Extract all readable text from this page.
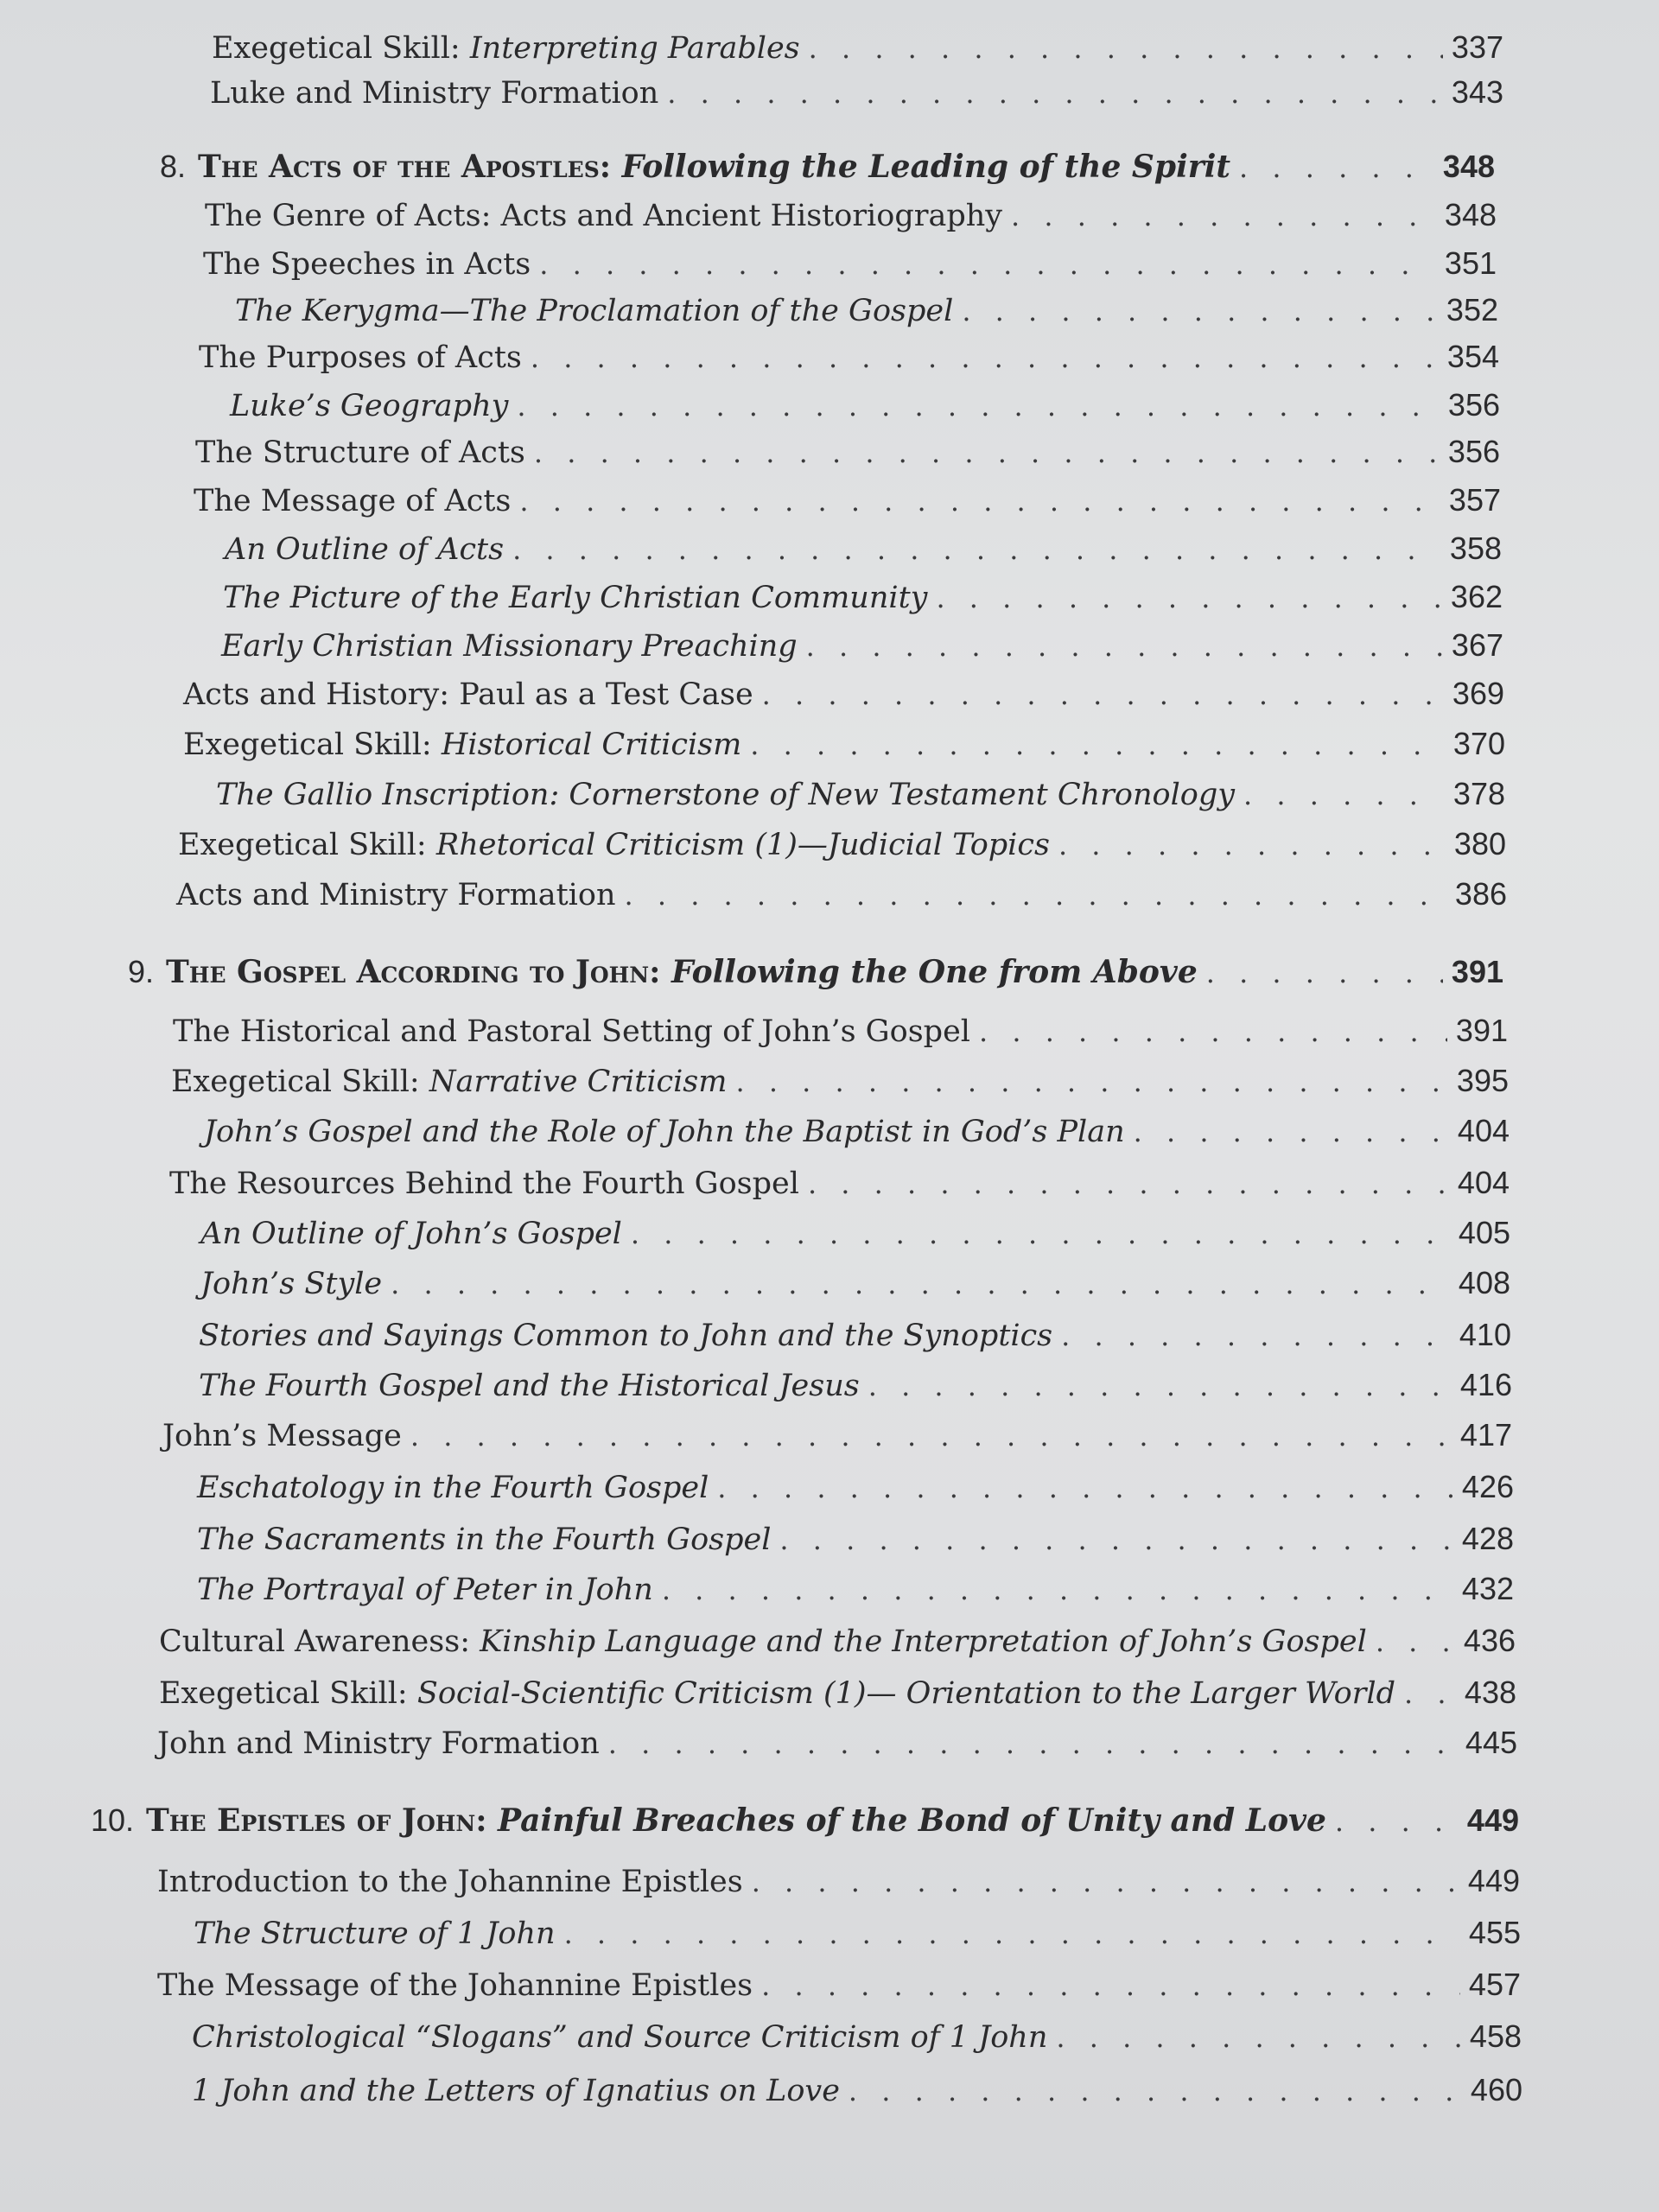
Exegetical Skill: Interpreting Parables . . .	337
Luke and Ministry Formation . . .	343
8. The Acts of the Apostles: Following the Leading of the Spirit . . .	348
The Genre of Acts: Acts and Ancient Historiography . . .	348
The Speeches in Acts . . .	351
The Kerygma—The Proclamation of the Gospel . . .	352
The Purposes of Acts . . .	354
Luke’s Geography . . .	356
The Structure of Acts . . .	356
The Message of Acts . . .	357
An Outline of Acts . . .	358
The Picture of the Early Christian Community . . .	362
Early Christian Missionary Preaching . . .	367
Acts and History: Paul as a Test Case . . .	369
Exegetical Skill: Historical Criticism . . .	370
The Gallio Inscription: Cornerstone of New Testament Chronology . . .	378
Exegetical Skill: Rhetorical Criticism (1)—Judicial Topics . . .	380
Acts and Ministry Formation . . .	386
9. The Gospel According to John: Following the One from Above . . .	391
The Historical and Pastoral Setting of John’s Gospel . . .	391
Exegetical Skill: Narrative Criticism . . .	395
John’s Gospel and the Role of John the Baptist in God’s Plan . . .	404
The Resources Behind the Fourth Gospel . . .	404
An Outline of John’s Gospel . . .	405
John’s Style . . .	408
Stories and Sayings Common to John and the Synoptics . . .	410
The Fourth Gospel and the Historical Jesus . . .	416
John’s Message . . .	417
Eschatology in the Fourth Gospel . . .	426
The Sacraments in the Fourth Gospel . . .	428
The Portrayal of Peter in John . . .	432
Cultural Awareness: Kinship Language and the Interpretation of John’s Gospel . . .	436
Exegetical Skill: Social-Scientific Criticism (1)— Orientation to the Larger World . . . 438
John and Ministry Formation . . .	445
10. The Epistles of John: Painful Breaches of the Bond of Unity and Love . . .	449
Introduction to the Johannine Epistles . . .	449
The Structure of 1 John . . .	455
The Message of the Johannine Epistles . . .	457
Christological “Slogans” and Source Criticism of 1 John . . .	458
1 John and the Letters of Ignatius on Love . . .	460
